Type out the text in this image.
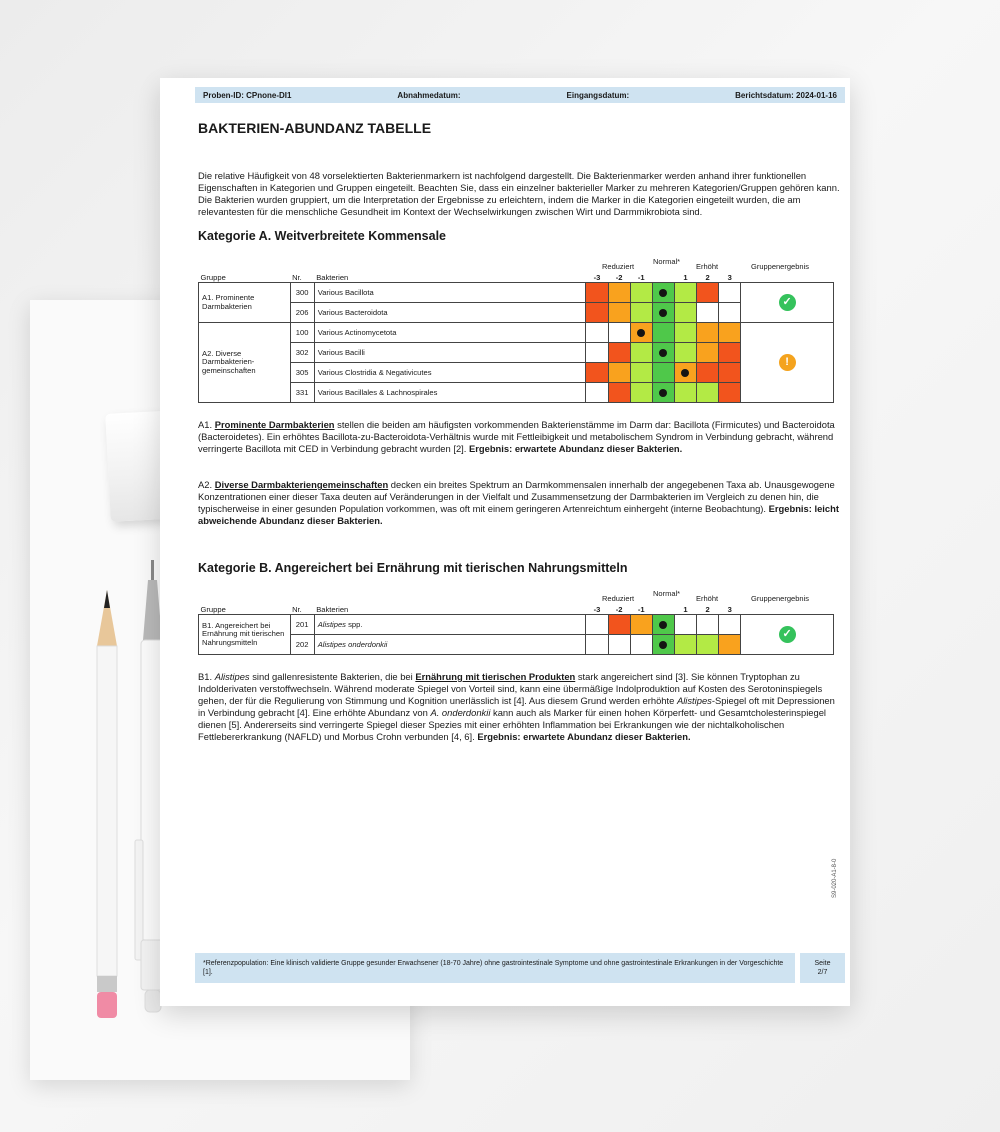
Proben-ID: CPnone-DI1	Abnahmedatum:	Eingangsdatum:	Berichtsdatum: 2024-01-16
BAKTERIEN-ABUNDANZ TABELLE
Die relative Häufigkeit von 48 vorselektierten Bakterienmarkern ist nachfolgend dargestellt. Die Bakterienmarker werden anhand ihrer funktionellen Eigenschaften in Kategorien und Gruppen eingeteilt. Beachten Sie, dass ein einzelner bakterieller Marker zu mehreren Kategorien/Gruppen gehören kann. Die Bakterien wurden gruppiert, um die Interpretation der Ergebnisse zu erleichtern, indem die Marker in die Kategorien eingeteilt wurden, die am relevantesten für die menschliche Gesundheit im Kontext der Wechselwirkungen zwischen Wirt und Darmmikrobiota sind.
Kategorie A. Weitverbreitete Kommensale
Reduziert
Normal*
Erhöht	Gruppenergebnis
Gruppe	Nr.	Bakterien	-3	-2	-1		1	2	3	
A1. Prominente Darmbakterien	300	Various Bacillota								✓
	206	Various Bacteroidota					

A2. Diverse Darmbakterien-gemeinschaften	100	Various Actinomycetota								!
	302	Various Bacilli					

	305	Various Clostridia & Negativicutes						

	331	Various Bacillales & Lachnospirales					

A1. Prominente Darmbakterien stellen die beiden am häufigsten vorkommenden Bakterienstämme im Darm dar: Bacillota (Firmicutes) und Bacteroidota (Bacteroidetes). Ein erhöhtes Bacillota-zu-Bacteroidota-Verhältnis wurde mit Fettleibigkeit und metabolischem Syndrom in Verbindung gebracht, während verringerte Bacillota mit CED in Verbindung gebracht wurden [2]. Ergebnis: erwartete Abundanz dieser Bakterien.
A2. Diverse Darmbakteriengemeinschaften decken ein breites Spektrum an Darmkommensalen innerhalb der angegebenen Taxa ab. Unausgewogene Konzentrationen einer dieser Taxa deuten auf Veränderungen in der Vielfalt und Zusammensetzung der Darmbakterien im Vergleich zu denen hin, die typischerweise in einer gesunden Population vorkommen, was oft mit einem geringeren Artenreichtum einhergeht (interne Beobachtung). Ergebnis: leicht abweichende Abundanz dieser Bakterien.
Kategorie B. Angereichert bei Ernährung mit tierischen Nahrungsmitteln
Reduziert
Normal*
Erhöht	Gruppenergebnis
Gruppe	Nr.	Bakterien	-3	-2	-1		1	2	3	
B1. Angereichert bei Ernährung mit tierischen Nahrungsmitteln	201	Alistipes spp.								✓
	202	Alistipes onderdonkii					

B1. Alistipes sind gallenresistente Bakterien, die bei Ernährung mit tierischen Produkten stark angereichert sind [3]. Sie können Tryptophan zu Indolderivaten verstoffwechseln. Während moderate Spiegel von Vorteil sind, kann eine übermäßige Indolproduktion auf Kosten des Serotoninspiegels gehen, der für die Regulierung von Stimmung und Kognition unerlässlich ist [4]. Aus diesem Grund werden erhöhte Alistipes-Spiegel oft mit Depressionen in Verbindung gebracht [4]. Eine erhöhte Abundanz von A. onderdonkii kann auch als Marker für einen hohen Körperfett- und Gesamtcholesterinspiegel dienen [5]. Andererseits sind verringerte Spiegel dieser Spezies mit einer erhöhten Inflammation bei Erkrankungen wie der nichtalkoholischen Fettlebererkrankung (NAFLD) und Morbus Crohn verbunden [4, 6]. Ergebnis: erwartete Abundanz dieser Bakterien.
S9-020-A1-8-0
*Referenzpopulation: Eine klinisch validierte Gruppe gesunder Erwachsener (18-70 Jahre) ohne gastrointestinale Symptome und ohne gastrointestinale Erkrankungen in der Vorgeschichte [1].
Seite
2/7
